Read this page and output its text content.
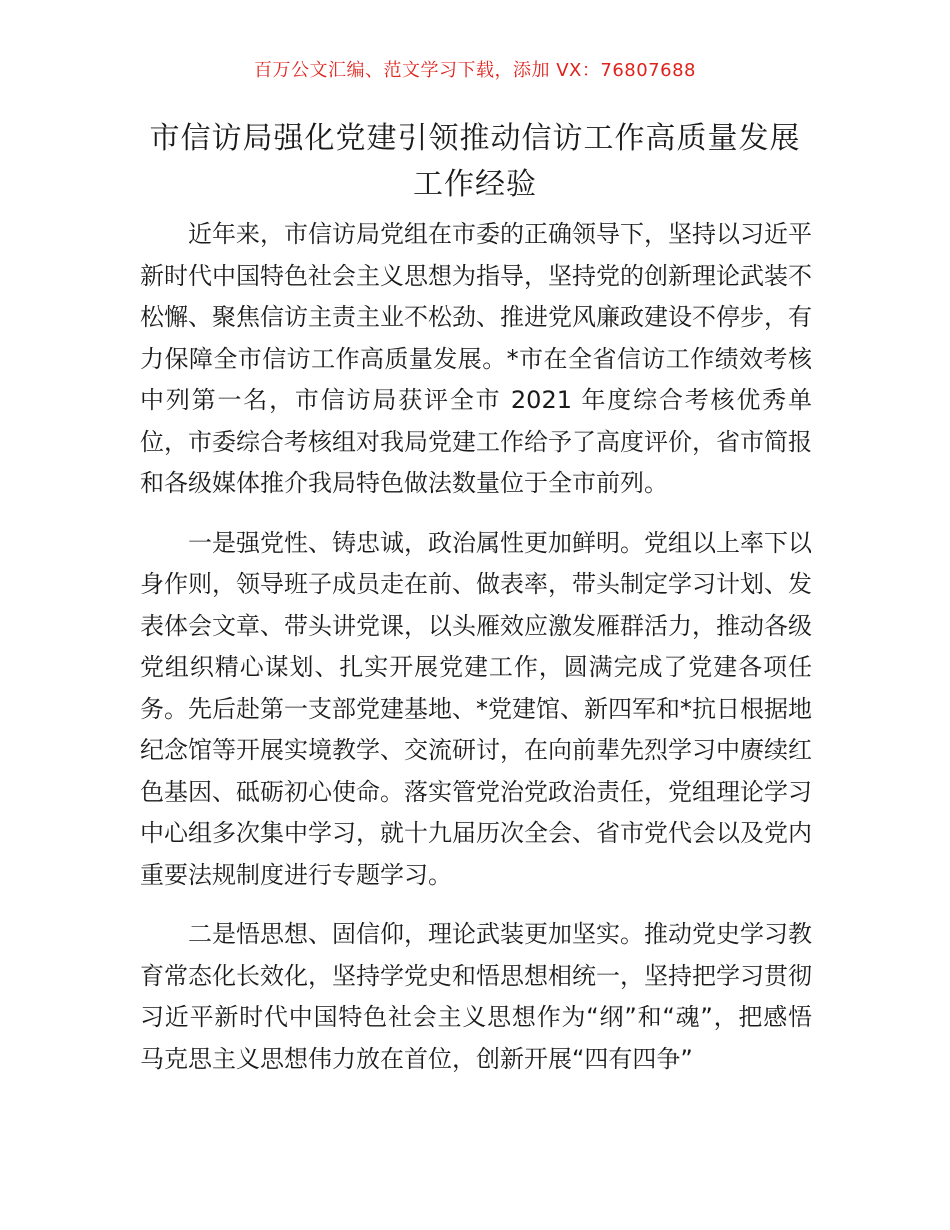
百万公文汇编、范文学习下载，添加 VX：76807688
市信访局强化党建引领推动信访工作高质量发展工作经验

近年来，市信访局党组在市委的正确领导下，坚持以习近平新时代中国特色社会主义思想为指导，坚持党的创新理论武装不松懈、聚焦信访主责主业不松劲、推进党风廉政建设不停步，有力保障全市信访工作高质量发展。*市在全省信访工作绩效考核中列第一名，市信访局获评全市 2021 年度综合考核优秀单位，市委综合考核组对我局党建工作给予了高度评价，省市简报和各级媒体推介我局特色做法数量位于全市前列。

一是强党性、铸忠诚，政治属性更加鲜明。党组以上率下以身作则，领导班子成员走在前、做表率，带头制定学习计划、发表体会文章、带头讲党课，以头雁效应激发雁群活力，推动各级党组织精心谋划、扎实开展党建工作，圆满完成了党建各项任务。先后赴第一支部党建基地、*党建馆、新四军和*抗日根据地纪念馆等开展实境教学、交流研讨，在向前辈先烈学习中赓续红色基因、砥砺初心使命。落实管党治党政治责任，党组理论学习中心组多次集中学习，就十九届历次全会、省市党代会以及党内重要法规制度进行专题学习。

二是悟思想、固信仰，理论武装更加坚实。推动党史学习教育常态化长效化，坚持学党史和悟思想相统一，坚持把学习贯彻习近平新时代中国特色社会主义思想作为“纲”和“魂”，把感悟马克思主义思想伟力放在首位，创新开展“四有四争”
